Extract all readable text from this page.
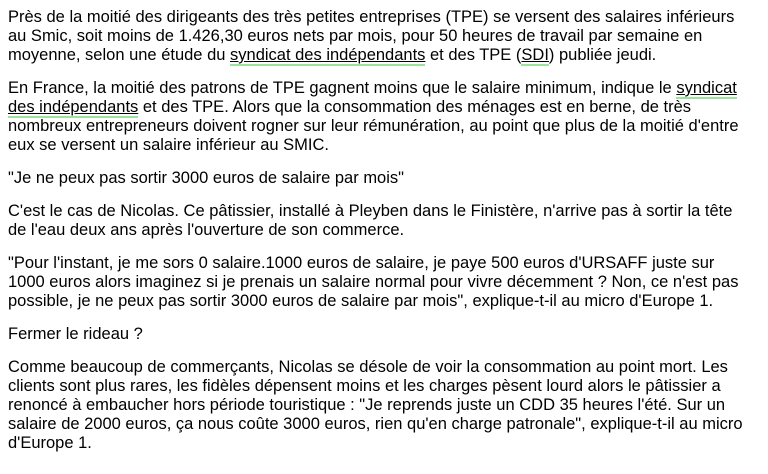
Près de la moitié des dirigeants des très petites entreprises (TPE) se versent des salaires inférieurs au Smic, soit moins de 1.426,30 euros nets par mois, pour 50 heures de travail par semaine en moyenne, selon une étude du syndicat des indépendants et des TPE (SDI) publiée jeudi.

En France, la moitié des patrons de TPE gagnent moins que le salaire minimum, indique le syndicat des indépendants et des TPE. Alors que la consommation des ménages est en berne, de très nombreux entrepreneurs doivent rogner sur leur rémunération, au point que plus de la moitié d'entre eux se versent un salaire inférieur au SMIC.

"Je ne peux pas sortir 3000 euros de salaire par mois"

C'est le cas de Nicolas. Ce pâtissier, installé à Pleyben dans le Finistère, n'arrive pas à sortir la tête de l'eau deux ans après l'ouverture de son commerce.

"Pour l'instant, je me sors 0 salaire.1000 euros de salaire, je paye 500 euros d'URSAFF juste sur 1000 euros alors imaginez si je prenais un salaire normal pour vivre décemment ? Non, ce n'est pas possible, je ne peux pas sortir 3000 euros de salaire par mois", explique-t-il au micro d'Europe 1.

Fermer le rideau ?

Comme beaucoup de commerçants, Nicolas se désole de voir la consommation au point mort. Les clients sont plus rares, les fidèles dépensent moins et les charges pèsent lourd alors le pâtissier a renoncé à embaucher hors période touristique : "Je reprends juste un CDD 35 heures l'été. Sur un salaire de 2000 euros, ça nous coûte 3000 euros, rien qu'en charge patronale", explique-t-il au micro d'Europe 1.
